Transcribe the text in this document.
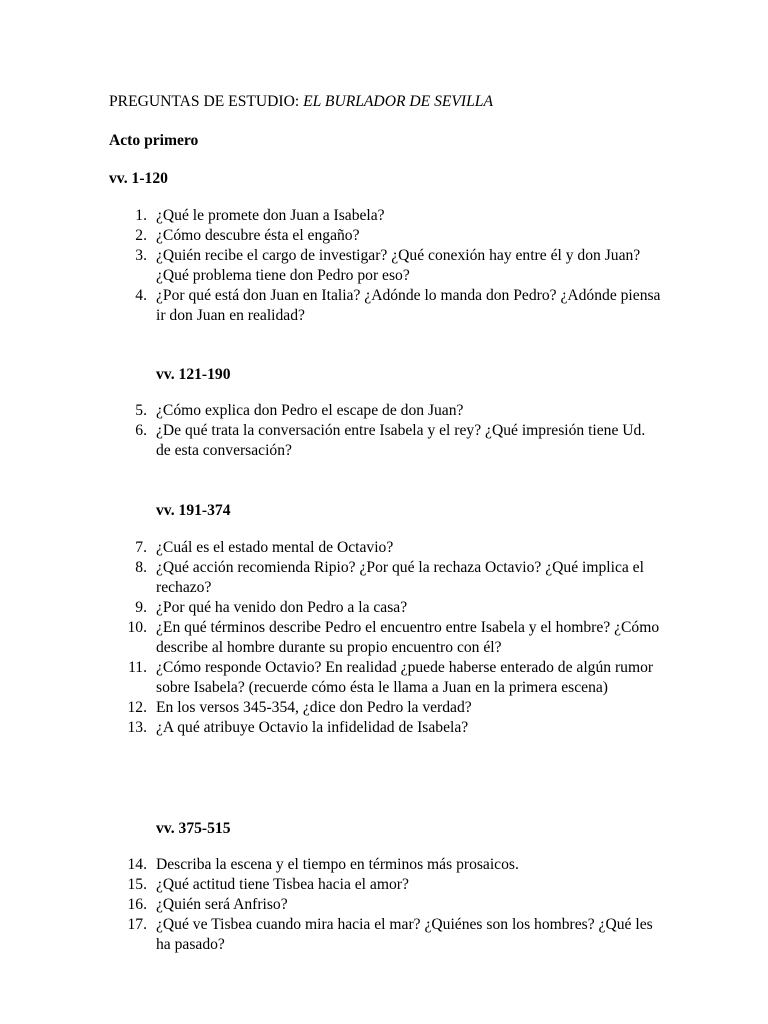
PREGUNTAS DE ESTUDIO: EL BURLADOR DE SEVILLA
Acto primero
vv. 1-120
1. ¿Qué le promete don Juan a Isabela?
2. ¿Cómo descubre ésta el engaño?
3. ¿Quién recibe el cargo de investigar? ¿Qué conexión hay entre él y don Juan? ¿Qué problema tiene don Pedro por eso?
4. ¿Por qué está don Juan en Italia? ¿Adónde lo manda don Pedro? ¿Adónde piensa ir don Juan en realidad?
vv. 121-190
5. ¿Cómo explica don Pedro el escape de don Juan?
6. ¿De qué trata la conversación entre Isabela y el rey? ¿Qué impresión tiene Ud. de esta conversación?
vv. 191-374
7. ¿Cuál es el estado mental de Octavio?
8. ¿Qué acción recomienda Ripio? ¿Por qué la rechaza Octavio? ¿Qué implica el rechazo?
9. ¿Por qué ha venido don Pedro a la casa?
10. ¿En qué términos describe Pedro el encuentro entre Isabela y el hombre? ¿Cómo describe al hombre durante su propio encuentro con él?
11. ¿Cómo responde Octavio? En realidad ¿puede haberse enterado de algún rumor sobre Isabela? (recuerde cómo ésta le llama a Juan en la primera escena)
12. En los versos 345-354, ¿dice don Pedro la verdad?
13. ¿A qué atribuye Octavio la infidelidad de Isabela?
vv. 375-515
14. Describa la escena y el tiempo en términos más prosaicos.
15. ¿Qué actitud tiene Tisbea hacia el amor?
16. ¿Quién será Anfriso?
17. ¿Qué ve Tisbea cuando mira hacia el mar? ¿Quiénes son los hombres? ¿Qué les ha pasado?
